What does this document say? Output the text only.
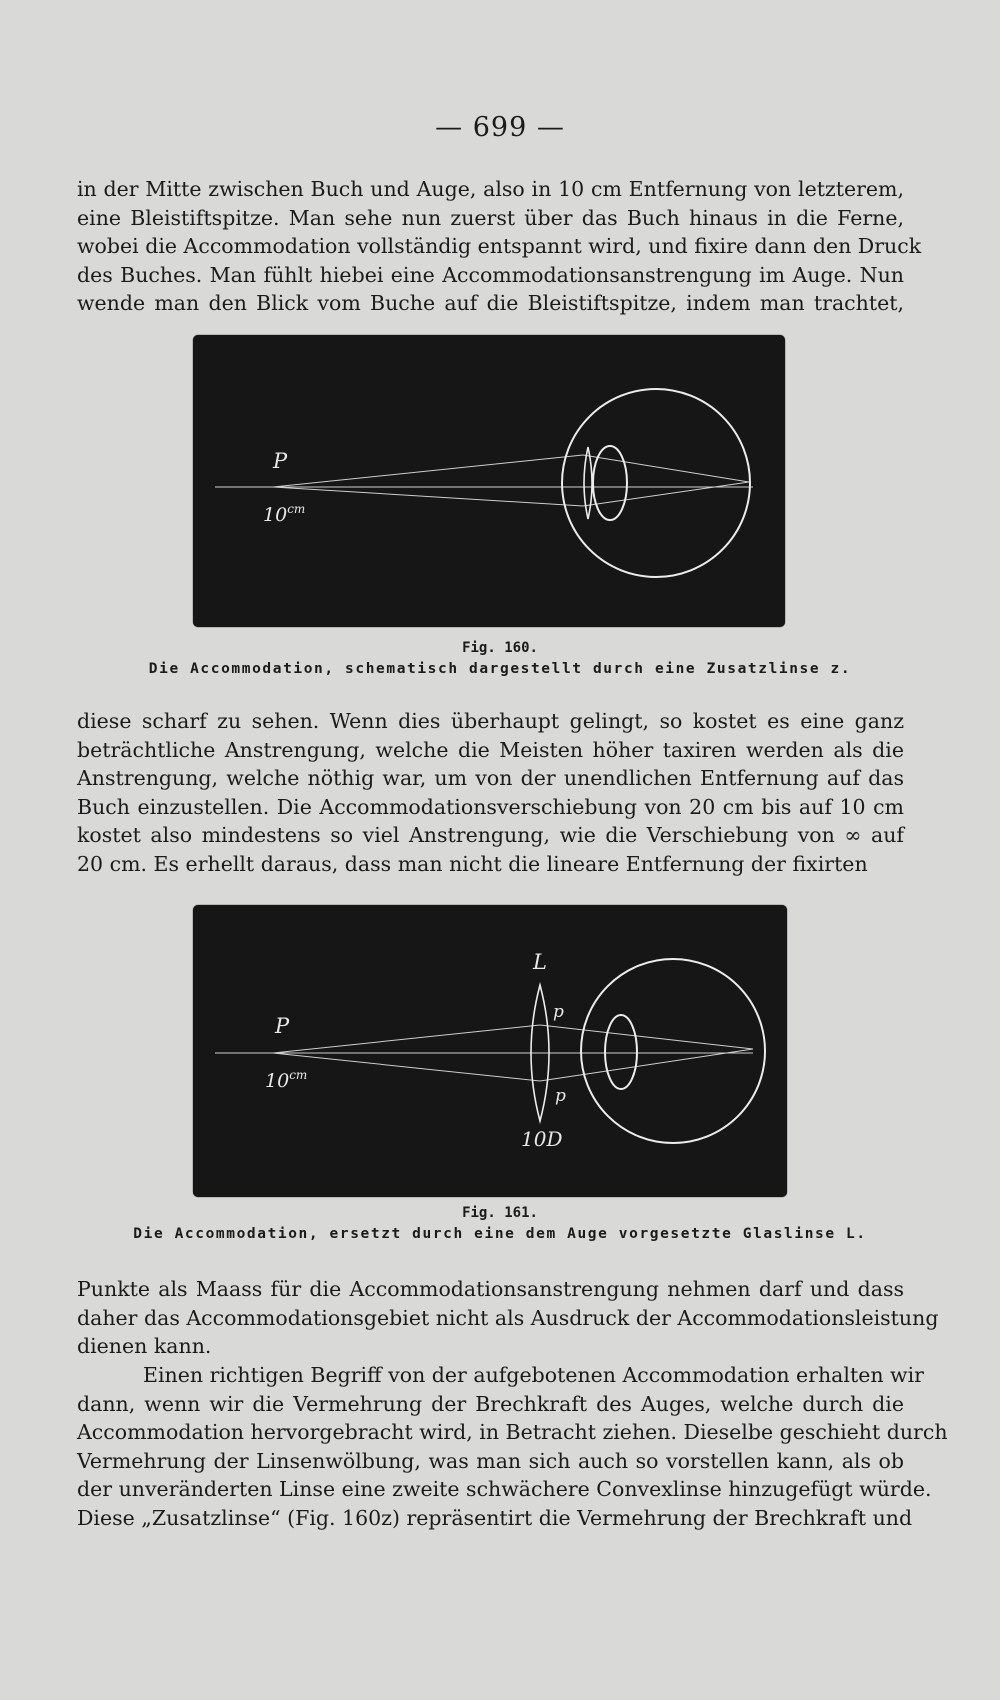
— 699 —
in der Mitte zwischen Buch und Auge, also in 10 cm Entfernung von letzterem,
eine Bleistiftspitze. Man sehe nun zuerst über das Buch hinaus in die Ferne,
wobei die Accommodation vollständig entspannt wird, und fixire dann den Druck
des Buches. Man fühlt hiebei eine Accommodationsanstrengung im Auge. Nun
wende man den Blick vom Buche auf die Bleistiftspitze, indem man trachtet,
P
$10^{cm}$
Fig. 160.
Die Accommodation, schematisch dargestellt durch eine Zusatzlinse z.
diese scharf zu sehen. Wenn dies überhaupt gelingt, so kostet es eine ganz
beträchtliche Anstrengung, welche die Meisten höher taxiren werden als die
Anstrengung, welche nöthig war, um von der unendlichen Entfernung auf das
Buch einzustellen. Die Accommodationsverschiebung von 20 cm bis auf 10 cm
kostet also mindestens so viel Anstrengung, wie die Verschiebung von ∞ auf
20 cm. Es erhellt daraus, dass man nicht die lineare Entfernung der fixirten
P
$10^{cm}$
L
p
p
10D
Fig. 161.
Die Accommodation, ersetzt durch eine dem Auge vorgesetzte Glaslinse L.
Punkte als Maass für die Accommodationsanstrengung nehmen darf und dass
daher das Accommodationsgebiet nicht als Ausdruck der Accommodationsleistung
dienen kann.
Einen richtigen Begriff von der aufgebotenen Accommodation erhalten wir
dann, wenn wir die Vermehrung der Brechkraft des Auges, welche durch die
Accommodation hervorgebracht wird, in Betracht ziehen. Dieselbe geschieht durch
Vermehrung der Linsenwölbung, was man sich auch so vorstellen kann, als ob
der unveränderten Linse eine zweite schwächere Convexlinse hinzugefügt würde.
Diese „Zusatzlinse“ (Fig. 160z) repräsentirt die Vermehrung der Brechkraft und
